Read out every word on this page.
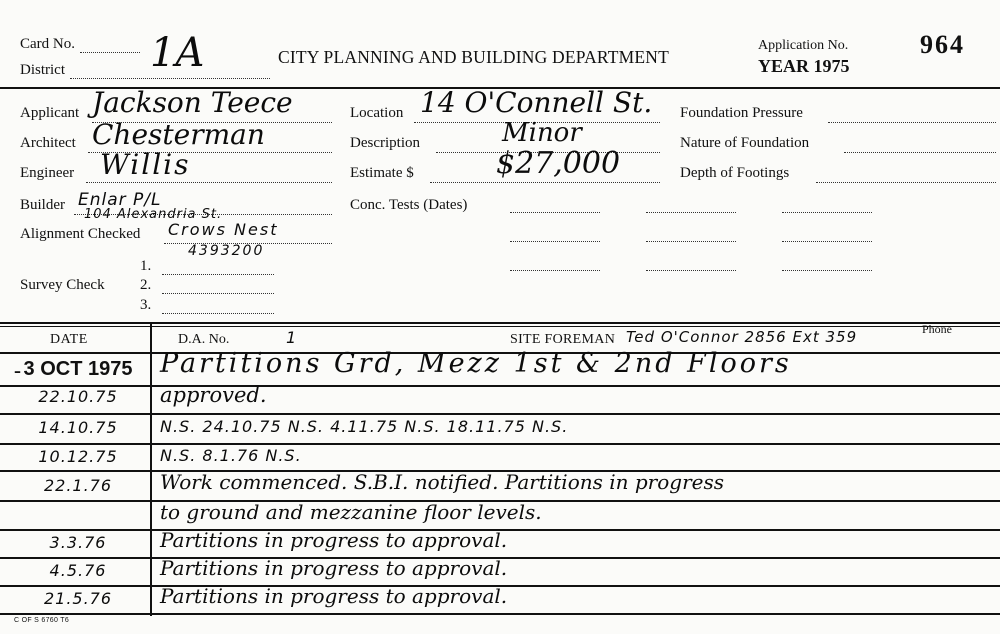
Card No.
District 1A	CITY PLANNING AND BUILDING DEPARTMENT
Application No.
YEAR 1975
964
Applicant Jackson Teece
Architect Chesterman
Engineer Willis
Builder Enlar P/L
104 Alexandria St.
Alignment Checked Crows Nest
4393200
Survey Check
1.
2.
3.
Location 14 O'Connell St.
Description	Minor
Estimate $	$27,000
Conc. Tests (Dates)
Foundation Pressure
Nature of Foundation
Depth of Footings
DATE	D.A. No.	1	SITE FOREMAN Ted O'Connor 2856 Ext 359	Phone
- 3 OCT 1975	Partitions Grd, Mezz 1st & 2nd Floors
22.10.75	approved.
14.10.75	N.S. 24.10.75 N.S. 4.11.75 N.S. 18.11.75 N.S.
10.12.75	N.S. 8.1.76 N.S.
22.1.76	Work commenced. S.B.I. notified. Partitions in progress
to ground and mezzanine floor levels.
3.3.76	Partitions in progress to approval.
4.5.76	Partitions in progress to approval.
21.5.76	Partitions in progress to approval.
C OF S 6760 T6
